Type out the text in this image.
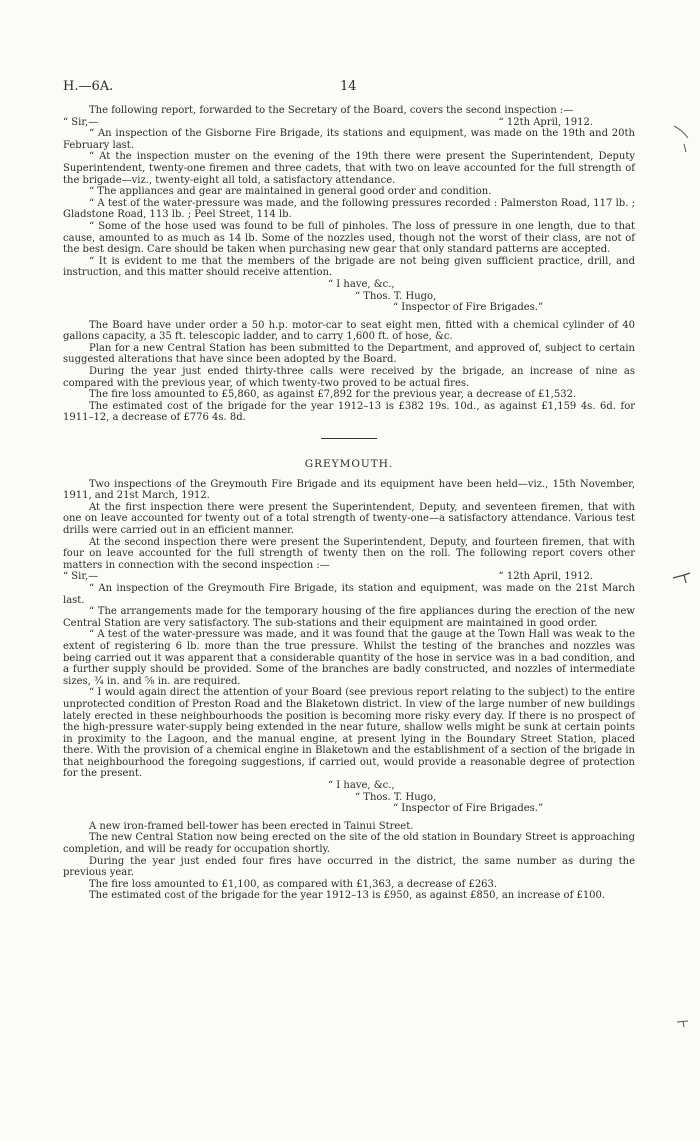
H.—6A.	14

The following report, forwarded to the Secretary of the Board, covers the second inspection :—

“ Sir,—	“ 12th April, 1912.

“ An inspection of the Gisborne Fire Brigade, its stations and equipment, was made on the 19th and 20th February last.

“ At the inspection muster on the evening of the 19th there were present the Superintendent, Deputy Superintendent, twenty-one firemen and three cadets, that with two on leave accounted for the full strength of the brigade—viz., twenty-eight all told, a satisfactory attendance.

“ The appliances and gear are maintained in general good order and condition.

“ A test of the water-pressure was made, and the following pressures recorded : Palmerston Road, 117 lb. ; Gladstone Road, 113 lb. ; Peel Street, 114 lb.

“ Some of the hose used was found to be full of pinholes. The loss of pressure in one length, due to that cause, amounted to as much as 14 lb. Some of the nozzles used, though not the worst of their class, are not of the best design. Care should be taken when purchasing new gear that only standard patterns are accepted.

“ It is evident to me that the members of the brigade are not being given sufficient practice, drill, and instruction, and this matter should receive attention.

“ I have, &c.,
“ Thos. T. Hugo,
“ Inspector of Fire Brigades.”

The Board have under order a 50 h.p. motor-car to seat eight men, fitted with a chemical cylinder of 40 gallons capacity, a 35 ft. telescopic ladder, and to carry 1,600 ft. of hose, &c.

Plan for a new Central Station has been submitted to the Department, and approved of, subject to certain suggested alterations that have since been adopted by the Board.

During the year just ended thirty-three calls were received by the brigade, an increase of nine as compared with the previous year, of which twenty-two proved to be actual fires.

The fire loss amounted to £5,860, as against £7,892 for the previous year, a decrease of £1,532.

The estimated cost of the brigade for the year 1912–13 is £382 19s. 10d., as against £1,159 4s. 6d. for 1911–12, a decrease of £776 4s. 8d.

GREYMOUTH.

Two inspections of the Greymouth Fire Brigade and its equipment have been held—viz., 15th November, 1911, and 21st March, 1912.

At the first inspection there were present the Superintendent, Deputy, and seventeen firemen, that with one on leave accounted for twenty out of a total strength of twenty-one—a satisfactory attendance. Various test drills were carried out in an efficient manner.

At the second inspection there were present the Superintendent, Deputy, and fourteen firemen, that with four on leave accounted for the full strength of twenty then on the roll. The following report covers other matters in connection with the second inspection :—

“ Sir,—	“ 12th April, 1912.

“ An inspection of the Greymouth Fire Brigade, its station and equipment, was made on the 21st March last.

“ The arrangements made for the temporary housing of the fire appliances during the erection of the new Central Station are very satisfactory. The sub-stations and their equipment are maintained in good order.

“ A test of the water-pressure was made, and it was found that the gauge at the Town Hall was weak to the extent of registering 6 lb. more than the true pressure. Whilst the testing of the branches and nozzles was being carried out it was apparent that a considerable quantity of the hose in service was in a bad condition, and a further supply should be provided. Some of the branches are badly constructed, and nozzles of intermediate sizes, ¾ in. and ⅝ in. are required.

“ I would again direct the attention of your Board (see previous report relating to the subject) to the entire unprotected condition of Preston Road and the Blaketown district. In view of the large number of new buildings lately erected in these neighbourhoods the position is becoming more risky every day. If there is no prospect of the high-pressure water-supply being extended in the near future, shallow wells might be sunk at certain points in proximity to the Lagoon, and the manual engine, at present lying in the Boundary Street Station, placed there. With the provision of a chemical engine in Blaketown and the establishment of a section of the brigade in that neighbourhood the foregoing suggestions, if carried out, would provide a reasonable degree of protection for the present.

“ I have, &c.,
“ Thos. T. Hugo,
“ Inspector of Fire Brigades.”

A new iron-framed bell-tower has been erected in Tainui Street.

The new Central Station now being erected on the site of the old station in Boundary Street is approaching completion, and will be ready for occupation shortly.

During the year just ended four fires have occurred in the district, the same number as during the previous year.

The fire loss amounted to £1,100, as compared with £1,363, a decrease of £263.

The estimated cost of the brigade for the year 1912–13 is £950, as against £850, an increase of £100.
